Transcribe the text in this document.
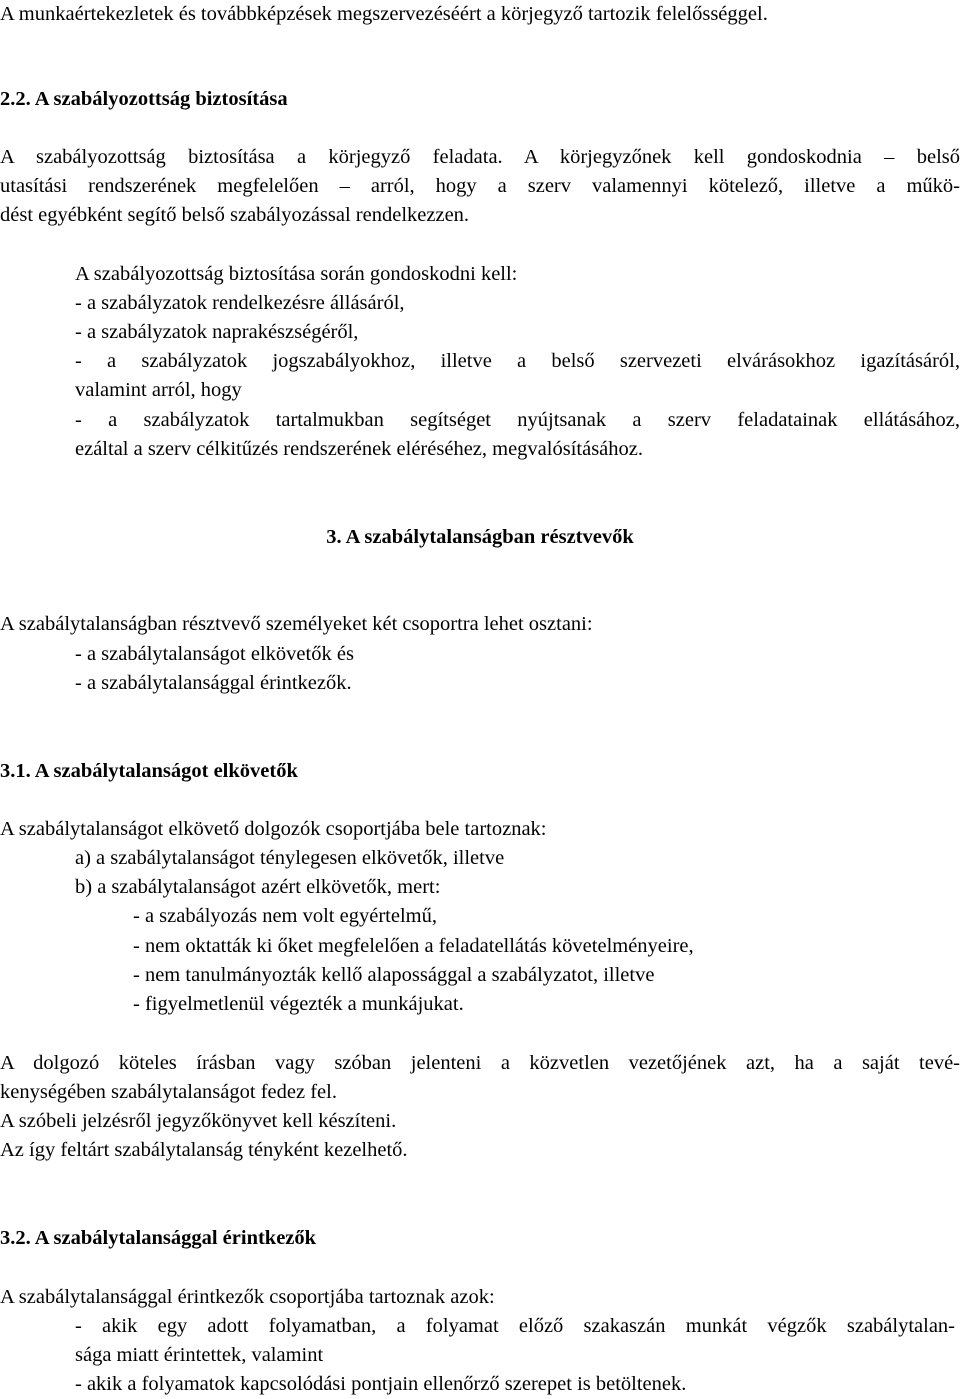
A munkaértekezletek és továbbképzések megszervezéséért a körjegyző tartozik felelősséggel.
2.2. A szabályozottság biztosítása
A szabályozottság biztosítása a körjegyző feladata. A körjegyzőnek kell gondoskodnia – belső
utasítási rendszerének megfelelően – arról, hogy a szerv valamennyi kötelező, illetve a műkö-
dést egyébként segítő belső szabályozással rendelkezzen.
A szabályozottság biztosítása során gondoskodni kell:
- a szabályzatok rendelkezésre állásáról,
- a szabályzatok naprakészségéről,
- a szabályzatok jogszabályokhoz, illetve a belső szervezeti elvárásokhoz igazításáról,
valamint arról, hogy
- a szabályzatok tartalmukban segítséget nyújtsanak a szerv feladatainak ellátásához,
ezáltal a szerv célkitűzés rendszerének eléréséhez, megvalósításához.
3. A szabálytalanságban résztvevők
A szabálytalanságban résztvevő személyeket két csoportra lehet osztani:
- a szabálytalanságot elkövetők és
- a szabálytalansággal érintkezők.
3.1. A szabálytalanságot elkövetők
A szabálytalanságot elkövető dolgozók csoportjába bele tartoznak:
a) a szabálytalanságot ténylegesen elkövetők, illetve
b) a szabálytalanságot azért elkövetők, mert:
- a szabályozás nem volt egyértelmű,
- nem oktatták ki őket megfelelően a feladatellátás követelményeire,
- nem tanulmányozták kellő alapossággal a szabályzatot, illetve
- figyelmetlenül végezték a munkájukat.
A dolgozó köteles írásban vagy szóban jelenteni a közvetlen vezetőjének azt, ha a saját tevé-
kenységében szabálytalanságot fedez fel.
A szóbeli jelzésről jegyzőkönyvet kell készíteni.
Az így feltárt szabálytalanság tényként kezelhető.
3.2. A szabálytalansággal érintkezők
A szabálytalansággal érintkezők csoportjába tartoznak azok:
- akik egy adott folyamatban, a folyamat előző szakaszán munkát végzők szabálytalan-
sága miatt érintettek, valamint
- akik a folyamatok kapcsolódási pontjain ellenőrző szerepet is betöltenek.
